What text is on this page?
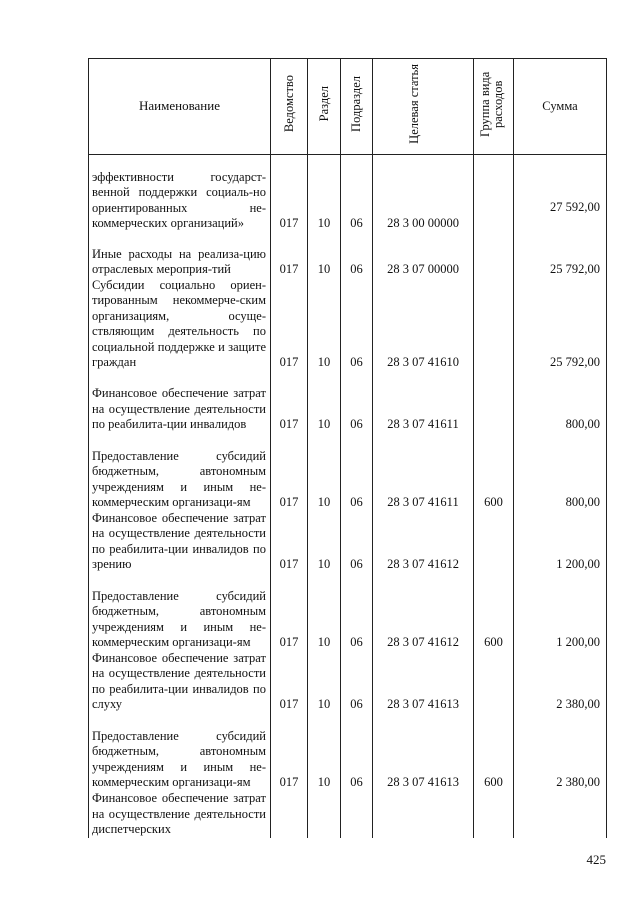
Наименование	Ведомство	Раздел	Подраздел	Целевая статья	Группа вида расходов	Сумма
эффективности государст-венной поддержки социаль-но ориентированных не-коммерческих организаций»	017	10	06	28 3 00 00000		27 592,00
Иные расходы на реализа-цию отраслевых мероприя-тий	017	10	06	28 3 07 00000		25 792,00
Субсидии социально ориен-тированным некоммерче-ским организациям, осуще-ствляющим деятельность по социальной поддержке и защите граждан	017	10	06	28 3 07 41610		25 792,00
Финансовое обеспечение затрат на осуществление деятельности по реабилита-ции инвалидов	017	10	06	28 3 07 41611		800,00
Предоставление субсидий бюджетным, автономным учреждениям и иным не-коммерческим организаци-ям	017	10	06	28 3 07 41611	600	800,00
Финансовое обеспечение затрат на осуществление деятельности по реабилита-ции инвалидов по зрению	017	10	06	28 3 07 41612		1 200,00
Предоставление субсидий бюджетным, автономным учреждениям и иным не-коммерческим организаци-ям	017	10	06	28 3 07 41612	600	1 200,00
Финансовое обеспечение затрат на осуществление деятельности по реабилита-ции инвалидов по слуху	017	10	06	28 3 07 41613		2 380,00
Предоставление субсидий бюджетным, автономным учреждениям и иным не-коммерческим организаци-ям	017	10	06	28 3 07 41613	600	2 380,00
Финансовое обеспечение затрат на осуществление деятельности диспетчерских						
425
